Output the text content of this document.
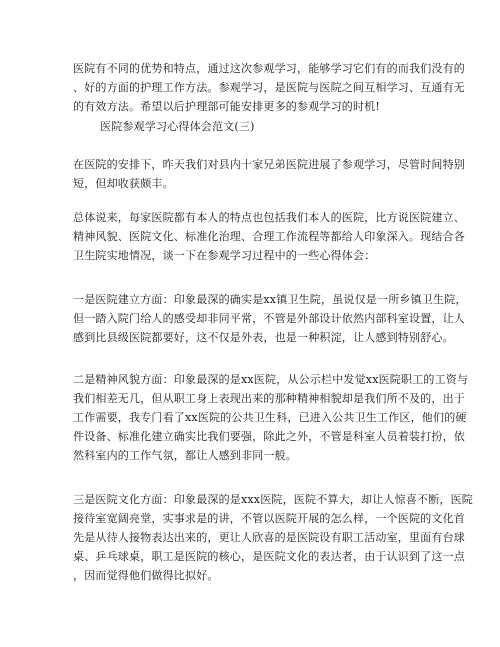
医院有不同的优势和特点，通过这次参观学习，能够学习它们有的而我们没有的
、好的方面的护理工作方法。参观学习，是医院与医院之间互相学习、互通有无
的有效方法。希望以后护理部可能安排更多的参观学习的时机!
医院参观学习心得体会范文(三)
在医院的安排下，昨天我们对县内十家兄弟医院进展了参观学习，尽管时间特别
短，但却收获颇丰。
总体说来，每家医院都有本人的特点也包括我们本人的医院，比方说医院建立、
精神风貌、医院文化、标准化治理、合理工作流程等都给人印象深入。现结合各
卫生院实地情况，谈一下在参观学习过程中的一些心得体会：
一是医院建立方面：印象最深的确实是xx镇卫生院，虽说仅是一所乡镇卫生院，
但一踏入院门给人的感受却非同平常，不管是外部设计依然内部科室设置，让人
感到比县级医院都要好，这不仅是外表，也是一种积淀，让人感到特别舒心。
二是精神风貌方面：印象最深的是xx医院，从公示栏中发觉xx医院职工的工资与
我们相差无几，但从职工身上表现出来的那种精神相貌却是我们所不及的，出于
工作需要，我专门看了xx医院的公共卫生科，已进入公共卫生工作区，他们的硬
件设备、标准化建立确实比我们要强，除此之外，不管是科室人员着装打扮，依
然科室内的工作气氛，都让人感到非同一般。
三是医院文化方面：印象最深的是xxx医院，医院不算大，却让人惊喜不断，医院
接待室宽阔亮堂，实事求是的讲，不管以医院开展的怎么样，一个医院的文化首
先是从待人接物表达出来的，更让人欣喜的是医院设有职工活动室，里面有台球
桌、乒乓球桌，职工是医院的核心，是医院文化的表达者，由于认识到了这一点
，因而觉得他们做得比拟好。
